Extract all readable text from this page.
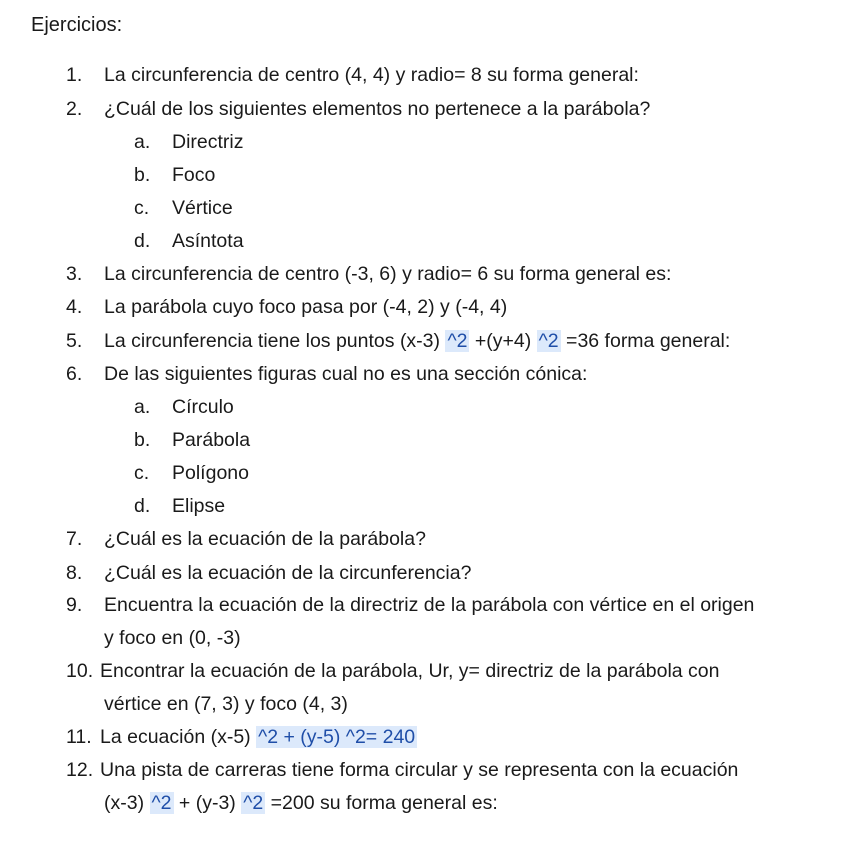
Ejercicios:
1. La circunferencia de centro (4, 4) y radio= 8 su forma general:
2. ¿Cuál de los siguientes elementos no pertenece a la parábola?
a. Directriz
b. Foco
c. Vértice
d. Asíntota
3. La circunferencia de centro (-3, 6) y radio= 6 su forma general es:
4. La parábola cuyo foco pasa por (-4, 2) y (-4, 4)
5. La circunferencia tiene los puntos (x-3) ^2 +(y+4) ^2 =36 forma general:
6. De las siguientes figuras cual no es una sección cónica:
a. Círculo
b. Parábola
c. Polígono
d. Elipse
7. ¿Cuál es la ecuación de la parábola?
8. ¿Cuál es la ecuación de la circunferencia?
9. Encuentra la ecuación de la directriz de la parábola con vértice en el origen
y foco en (0, -3)
10. Encontrar la ecuación de la parábola, Ur, y= directriz de la parábola con
vértice en (7, 3) y foco (4, 3)
11. La ecuación (x-5) ^2 + (y-5) ^2= 240
12. Una pista de carreras tiene forma circular y se representa con la ecuación
(x-3) ^2 + (y-3) ^2 =200 su forma general es:
